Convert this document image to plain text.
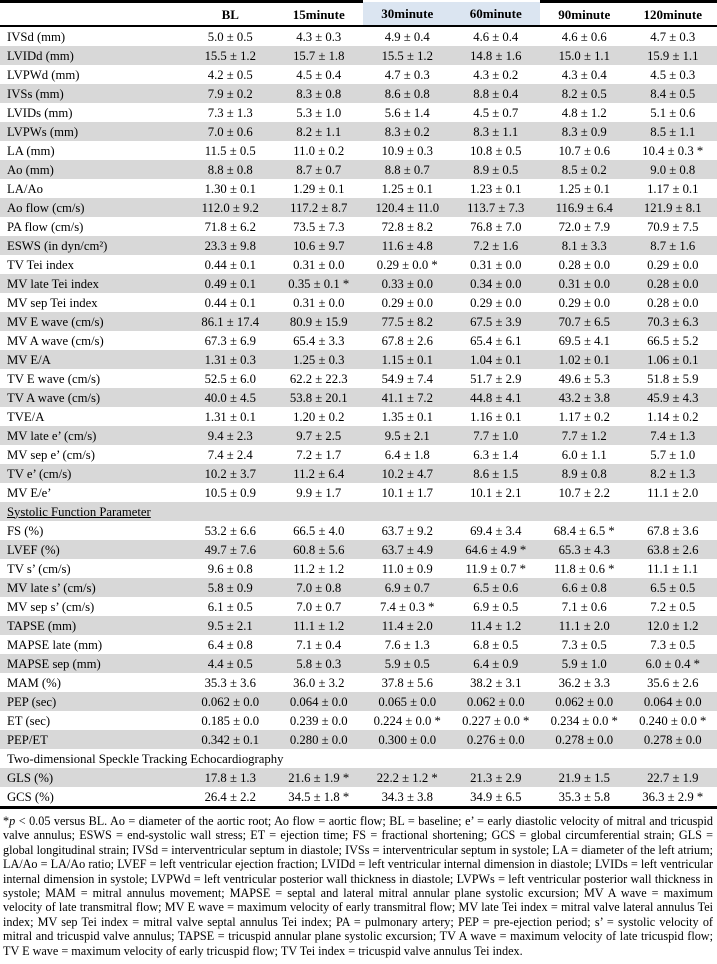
	BL	15minute	30minute	60minute	90minute	120minute
IVSd (mm)	5.0 ± 0.5	4.3 ± 0.3	4.9 ± 0.4	4.6 ± 0.4	4.6 ± 0.6	4.7 ± 0.3
LVIDd (mm)	15.5 ± 1.2	15.7 ± 1.8	15.5 ± 1.2	14.8 ± 1.6	15.0 ± 1.1	15.9 ± 1.1
LVPWd (mm)	4.2 ± 0.5	4.5 ± 0.4	4.7 ± 0.3	4.3 ± 0.2	4.3 ± 0.4	4.5 ± 0.3
IVSs (mm)	7.9 ± 0.2	8.3 ± 0.8	8.6 ± 0.8	8.8 ± 0.4	8.2 ± 0.5	8.4 ± 0.5
LVIDs (mm)	7.3 ± 1.3	5.3 ± 1.0	5.6 ± 1.4	4.5 ± 0.7	4.8 ± 1.2	5.1 ± 0.6
LVPWs (mm)	7.0 ± 0.6	8.2 ± 1.1	8.3 ± 0.2	8.3 ± 1.1	8.3 ± 0.9	8.5 ± 1.1
LA (mm)	11.5 ± 0.5	11.0 ± 0.2	10.9 ± 0.3	10.8 ± 0.5	10.7 ± 0.6	10.4 ± 0.3 *
Ao (mm)	8.8 ± 0.8	8.7 ± 0.7	8.8 ± 0.7	8.9 ± 0.5	8.5 ± 0.2	9.0 ± 0.8
LA/Ao	1.30 ± 0.1	1.29 ± 0.1	1.25 ± 0.1	1.23 ± 0.1	1.25 ± 0.1	1.17 ± 0.1
Ao flow (cm/s)	112.0 ± 9.2	117.2 ± 8.7	120.4 ± 11.0	113.7 ± 7.3	116.9 ± 6.4	121.9 ± 8.1
PA flow (cm/s)	71.8 ± 6.2	73.5 ± 7.3	72.8 ± 8.2	76.8 ± 7.0	72.0 ± 7.9	70.9 ± 7.5
ESWS (in dyn/cm²)	23.3 ± 9.8	10.6 ± 9.7	11.6 ± 4.8	7.2 ± 1.6	8.1 ± 3.3	8.7 ± 1.6
TV Tei index	0.44 ± 0.1	0.31 ± 0.0	0.29 ± 0.0 *	0.31 ± 0.0	0.28 ± 0.0	0.29 ± 0.0
MV late Tei index	0.49 ± 0.1	0.35 ± 0.1 *	0.33 ± 0.0	0.34 ± 0.0	0.31 ± 0.0	0.28 ± 0.0
MV sep Tei index	0.44 ± 0.1	0.31 ± 0.0	0.29 ± 0.0	0.29 ± 0.0	0.29 ± 0.0	0.28 ± 0.0
MV E wave (cm/s)	86.1 ± 17.4	80.9 ± 15.9	77.5 ± 8.2	67.5 ± 3.9	70.7 ± 6.5	70.3 ± 6.3
MV A wave (cm/s)	67.3 ± 6.9	65.4 ± 3.3	67.8 ± 2.6	65.4 ± 6.1	69.5 ± 4.1	66.5 ± 5.2
MV E/A	1.31 ± 0.3	1.25 ± 0.3	1.15 ± 0.1	1.04 ± 0.1	1.02 ± 0.1	1.06 ± 0.1
TV E wave (cm/s)	52.5 ± 6.0	62.2 ± 22.3	54.9 ± 7.4	51.7 ± 2.9	49.6 ± 5.3	51.8 ± 5.9
TV A wave (cm/s)	40.0 ± 4.5	53.8 ± 20.1	41.1 ± 7.2	44.8 ± 4.1	43.2 ± 3.8	45.9 ± 4.3
TVE/A	1.31 ± 0.1	1.20 ± 0.2	1.35 ± 0.1	1.16 ± 0.1	1.17 ± 0.2	1.14 ± 0.2
MV late e’ (cm/s)	9.4 ± 2.3	9.7 ± 2.5	9.5 ± 2.1	7.7 ± 1.0	7.7 ± 1.2	7.4 ± 1.3
MV sep e’ (cm/s)	7.4 ± 2.4	7.2 ± 1.7	6.4 ± 1.8	6.3 ± 1.4	6.0 ± 1.1	5.7 ± 1.0
TV e’ (cm/s)	10.2 ± 3.7	11.2 ± 6.4	10.2 ± 4.7	8.6 ± 1.5	8.9 ± 0.8	8.2 ± 1.3
MV E/e’	10.5 ± 0.9	9.9 ± 1.7	10.1 ± 1.7	10.1 ± 2.1	10.7 ± 2.2	11.1 ± 2.0
Systolic Function Parameter						
FS (%)	53.2 ± 6.6	66.5 ± 4.0	63.7 ± 9.2	69.4 ± 3.4	68.4 ± 6.5 *	67.8 ± 3.6
LVEF (%)	49.7 ± 7.6	60.8 ± 5.6	63.7 ± 4.9	64.6 ± 4.9 *	65.3 ± 4.3	63.8 ± 2.6
TV s’ (cm/s)	9.6 ± 0.8	11.2 ± 1.2	11.0 ± 0.9	11.9 ± 0.7 *	11.8 ± 0.6 *	11.1 ± 1.1
MV late s’ (cm/s)	5.8 ± 0.9	7.0 ± 0.8	6.9 ± 0.7	6.5 ± 0.6	6.6 ± 0.8	6.5 ± 0.5
MV sep s’ (cm/s)	6.1 ± 0.5	7.0 ± 0.7	7.4 ± 0.3 *	6.9 ± 0.5	7.1 ± 0.6	7.2 ± 0.5
TAPSE (mm)	9.5 ± 2.1	11.1 ± 1.2	11.4 ± 2.0	11.4 ± 1.2	11.1 ± 2.0	12.0 ± 1.2
MAPSE late (mm)	6.4 ± 0.8	7.1 ± 0.4	7.6 ± 1.3	6.8 ± 0.5	7.3 ± 0.5	7.3 ± 0.5
MAPSE sep (mm)	4.4 ± 0.5	5.8 ± 0.3	5.9 ± 0.5	6.4 ± 0.9	5.9 ± 1.0	6.0 ± 0.4 *
MAM (%)	35.3 ± 3.6	36.0 ± 3.2	37.8 ± 5.6	38.2 ± 3.1	36.2 ± 3.3	35.6 ± 2.6
PEP (sec)	0.062 ± 0.0	0.064 ± 0.0	0.065 ± 0.0	0.062 ± 0.0	0.062 ± 0.0	0.064 ± 0.0
ET (sec)	0.185 ± 0.0	0.239 ± 0.0	0.224 ± 0.0 *	0.227 ± 0.0 *	0.234 ± 0.0 *	0.240 ± 0.0 *
PEP/ET	0.342 ± 0.1	0.280 ± 0.0	0.300 ± 0.0	0.276 ± 0.0	0.278 ± 0.0	0.278 ± 0.0
Two-dimensional Speckle Tracking Echocardiography						
GLS (%)	17.8 ± 1.3	21.6 ± 1.9 *	22.2 ± 1.2 *	21.3 ± 2.9	21.9 ± 1.5	22.7 ± 1.9
GCS (%)	26.4 ± 2.2	34.5 ± 1.8 *	34.3 ± 3.8	34.9 ± 6.5	35.3 ± 5.8	36.3 ± 2.9 *
*p < 0.05 versus BL. Ao = diameter of the aortic root; Ao flow = aortic flow; BL = baseline; e’ = early diastolic velocity of mitral and tricuspid valve annulus; ESWS = end-systolic wall stress; ET = ejection time; FS = fractional shortening; GCS = global circumferential strain; GLS = global longitudinal strain; IVSd = interventricular septum in diastole; IVSs = interventricular septum in systole; LA = diameter of the left atrium; LA/Ao = LA/Ao ratio; LVEF = left ventricular ejection fraction; LVIDd = left ventricular internal dimension in diastole; LVIDs = left ventricular internal dimension in systole; LVPWd = left ventricular posterior wall thickness in diastole; LVPWs = left ventricular posterior wall thickness in systole; MAM = mitral annulus movement; MAPSE = septal and lateral mitral annular plane systolic excursion; MV A wave = maximum velocity of late transmitral flow; MV E wave = maximum velocity of early transmitral flow; MV late Tei index = mitral valve lateral annulus Tei index; MV sep Tei index = mitral valve septal annulus Tei index; PA = pulmonary artery; PEP = pre-ejection period; s’ = systolic velocity of mitral and tricuspid valve annulus; TAPSE = tricuspid annular plane systolic excursion; TV A wave = maximum velocity of late tricuspid flow; TV E wave = maximum velocity of early tricuspid flow; TV Tei index = tricuspid valve annulus Tei index.
